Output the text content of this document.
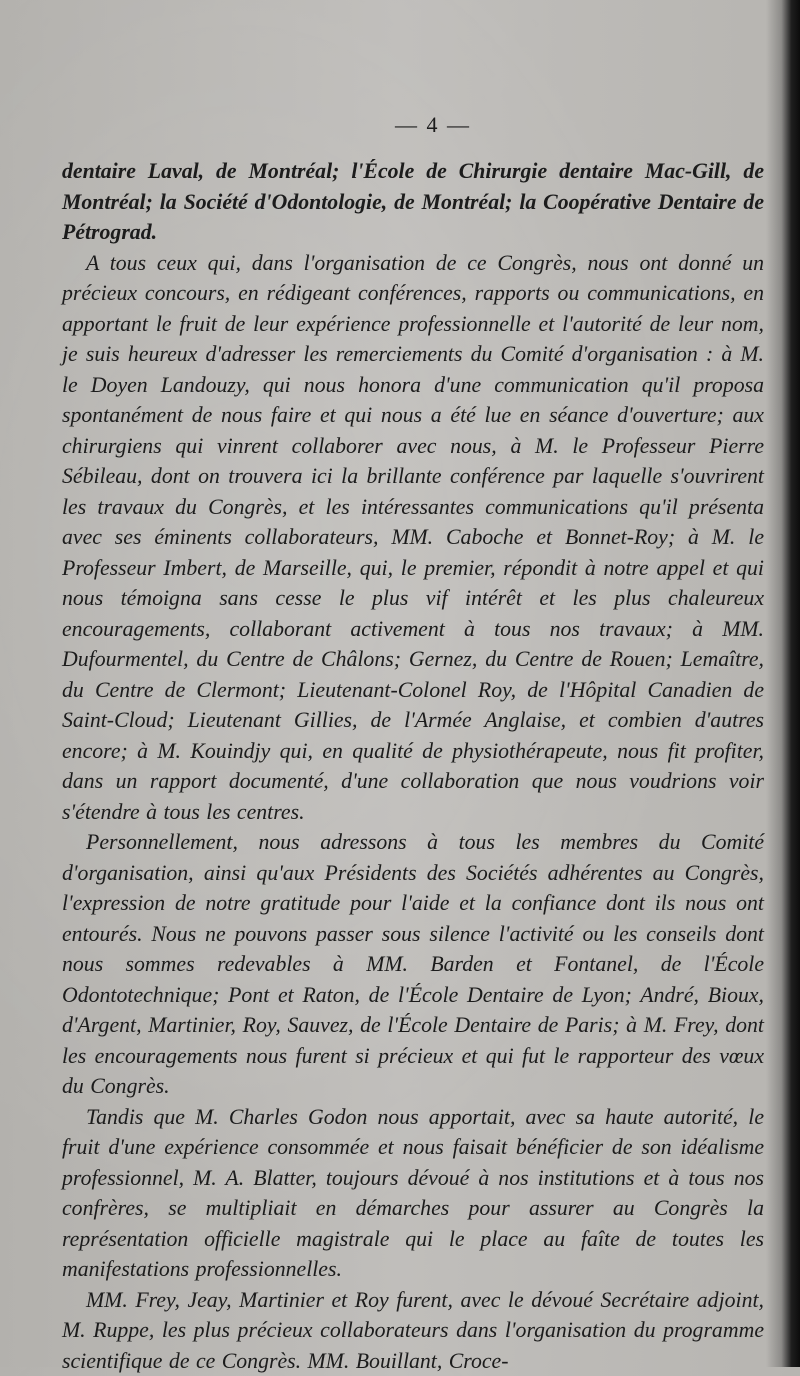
— 4 —

dentaire Laval, de Montréal; l'École de Chirurgie dentaire Mac-Gill, de Montréal; la Société d'Odontologie, de Montréal; la Coopérative Dentaire de Pétrograd.

A tous ceux qui, dans l'organisation de ce Congrès, nous ont donné un précieux concours, en rédigeant conférences, rapports ou communications, en apportant le fruit de leur expérience professionnelle et l'autorité de leur nom, je suis heureux d'adresser les remerciements du Comité d'organisation : à M. le Doyen Landouzy, qui nous honora d'une communication qu'il proposa spontanément de nous faire et qui nous a été lue en séance d'ouverture; aux chirurgiens qui vinrent collaborer avec nous, à M. le Professeur Pierre Sébileau, dont on trouvera ici la brillante conférence par laquelle s'ouvrirent les travaux du Congrès, et les intéressantes communications qu'il présenta avec ses éminents collaborateurs, MM. Caboche et Bonnet-Roy; à M. le Professeur Imbert, de Marseille, qui, le premier, répondit à notre appel et qui nous témoigna sans cesse le plus vif intérêt et les plus chaleureux encouragements, collaborant activement à tous nos travaux; à MM. Dufourmentel, du Centre de Châlons; Gernez, du Centre de Rouen; Lemaître, du Centre de Clermont; Lieutenant-Colonel Roy, de l'Hôpital Canadien de Saint-Cloud; Lieutenant Gillies, de l'Armée Anglaise, et combien d'autres encore; à M. Kouindjy qui, en qualité de physiothérapeute, nous fit profiter, dans un rapport documenté, d'une collaboration que nous voudrions voir s'étendre à tous les centres.

Personnellement, nous adressons à tous les membres du Comité d'organisation, ainsi qu'aux Présidents des Sociétés adhérentes au Congrès, l'expression de notre gratitude pour l'aide et la confiance dont ils nous ont entourés. Nous ne pouvons passer sous silence l'activité ou les conseils dont nous sommes redevables à MM. Barden et Fontanel, de l'École Odontotechnique; Pont et Raton, de l'École Dentaire de Lyon; André, Bioux, d'Argent, Martinier, Roy, Sauvez, de l'École Dentaire de Paris; à M. Frey, dont les encouragements nous furent si précieux et qui fut le rapporteur des vœux du Congrès.

Tandis que M. Charles Godon nous apportait, avec sa haute autorité, le fruit d'une expérience consommée et nous faisait bénéficier de son idéalisme professionnel, M. A. Blatter, toujours dévoué à nos institutions et à tous nos confrères, se multipliait en démarches pour assurer au Congrès la représentation officielle magistrale qui le place au faîte de toutes les manifestations professionnelles.

MM. Frey, Jeay, Martinier et Roy furent, avec le dévoué Secrétaire adjoint, M. Ruppe, les plus précieux collaborateurs dans l'organisation du programme scientifique de ce Congrès. MM. Bouillant, Croce-
